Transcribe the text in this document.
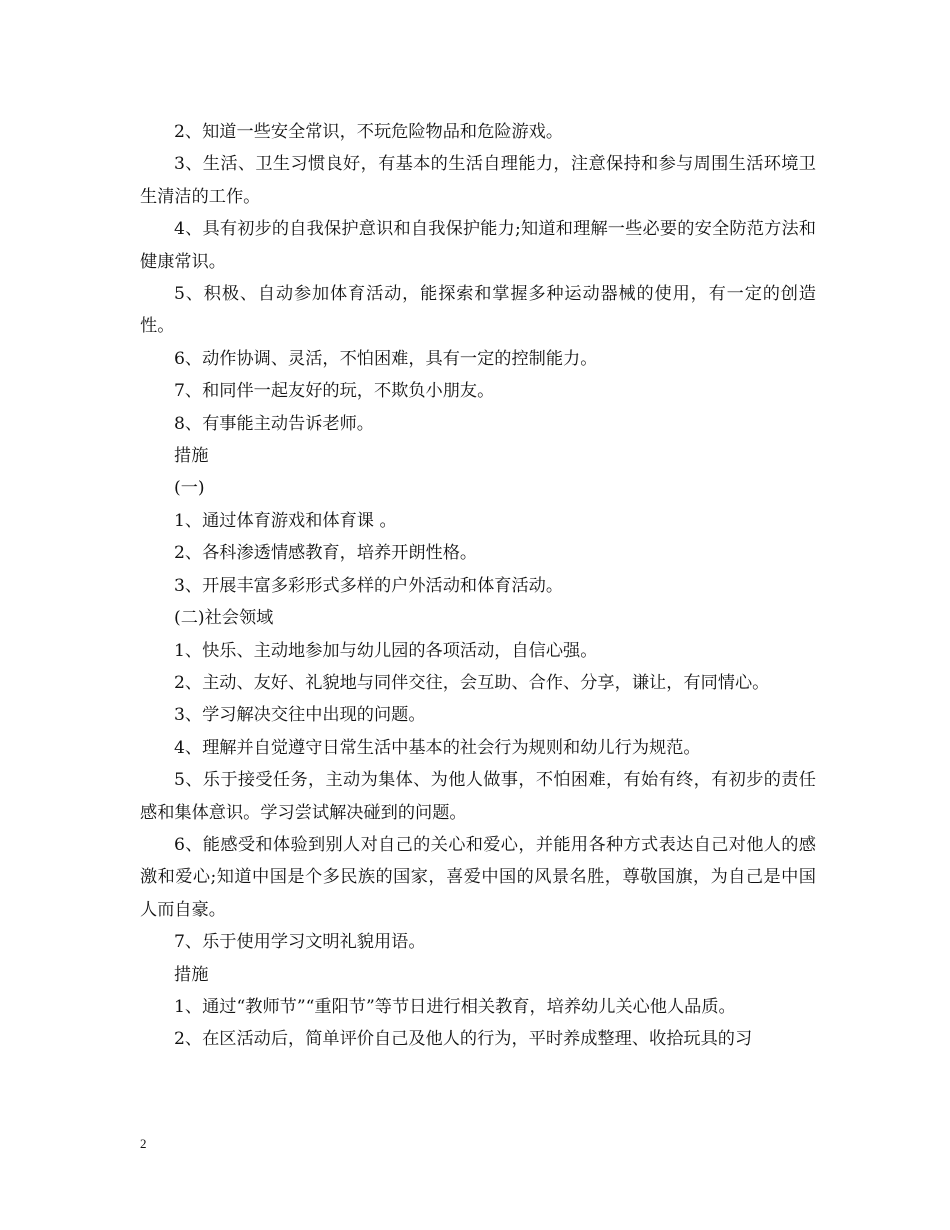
2、知道一些安全常识，不玩危险物品和危险游戏。

3、生活、卫生习惯良好，有基本的生活自理能力，注意保持和参与周围生活环境卫生清洁的工作。

4、具有初步的自我保护意识和自我保护能力;知道和理解一些必要的安全防范方法和健康常识。

5、积极、自动参加体育活动，能探索和掌握多种运动器械的使用，有一定的创造性。

6、动作协调、灵活，不怕困难，具有一定的控制能力。

7、和同伴一起友好的玩，不欺负小朋友。

8、有事能主动告诉老师。

措施

(一)

1、通过体育游戏和体育课 。

2、各科渗透情感教育，培养开朗性格。

3、开展丰富多彩形式多样的户外活动和体育活动。

(二)社会领域

1、快乐、主动地参加与幼儿园的各项活动，自信心强。

2、主动、友好、礼貌地与同伴交往，会互助、合作、分享，谦让，有同情心。

3、学习解决交往中出现的问题。

4、理解并自觉遵守日常生活中基本的社会行为规则和幼儿行为规范。

5、乐于接受任务，主动为集体、为他人做事，不怕困难，有始有终，有初步的责任感和集体意识。学习尝试解决碰到的问题。

6、能感受和体验到别人对自己的关心和爱心，并能用各种方式表达自己对他人的感激和爱心;知道中国是个多民族的国家，喜爱中国的风景名胜，尊敬国旗，为自己是中国人而自豪。

7、乐于使用学习文明礼貌用语。

措施

1、通过“教师节”“重阳节”等节日进行相关教育，培养幼儿关心他人品质。

2、在区活动后，简单评价自己及他人的行为，平时养成整理、收拾玩具的习

2
